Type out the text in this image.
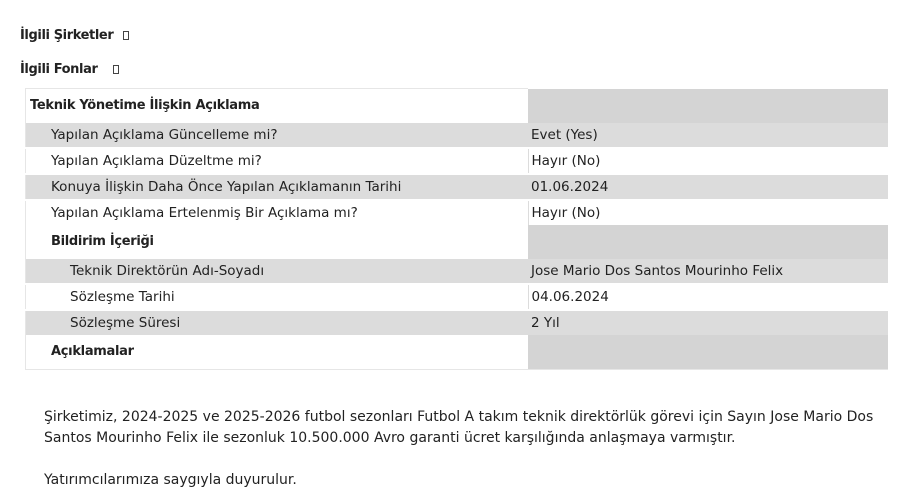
İlgili Şirketler
İlgili Fonlar
Teknik Yönetime İlişkin Açıklama	
Yapılan Açıklama Güncelleme mi?	Evet (Yes)
Yapılan Açıklama Düzeltme mi?	Hayır (No)
Konuya İlişkin Daha Önce Yapılan Açıklamanın Tarihi	01.06.2024
Yapılan Açıklama Ertelenmiş Bir Açıklama mı?	Hayır (No)
Bildirim İçeriği	
Teknik Direktörün Adı-Soyadı	Jose Mario Dos Santos Mourinho Felix
Sözleşme Tarihi	04.06.2024
Sözleşme Süresi	2 Yıl
Açıklamalar	
Şirketimiz, 2024-2025 ve 2025-2026 futbol sezonları Futbol A takım teknik direktörlük görevi için Sayın Jose Mario Dos Santos Mourinho Felix ile sezonluk 10.500.000 Avro garanti ücret karşılığında anlaşmaya varmıştır.
Yatırımcılarımıza saygıyla duyurulur.
